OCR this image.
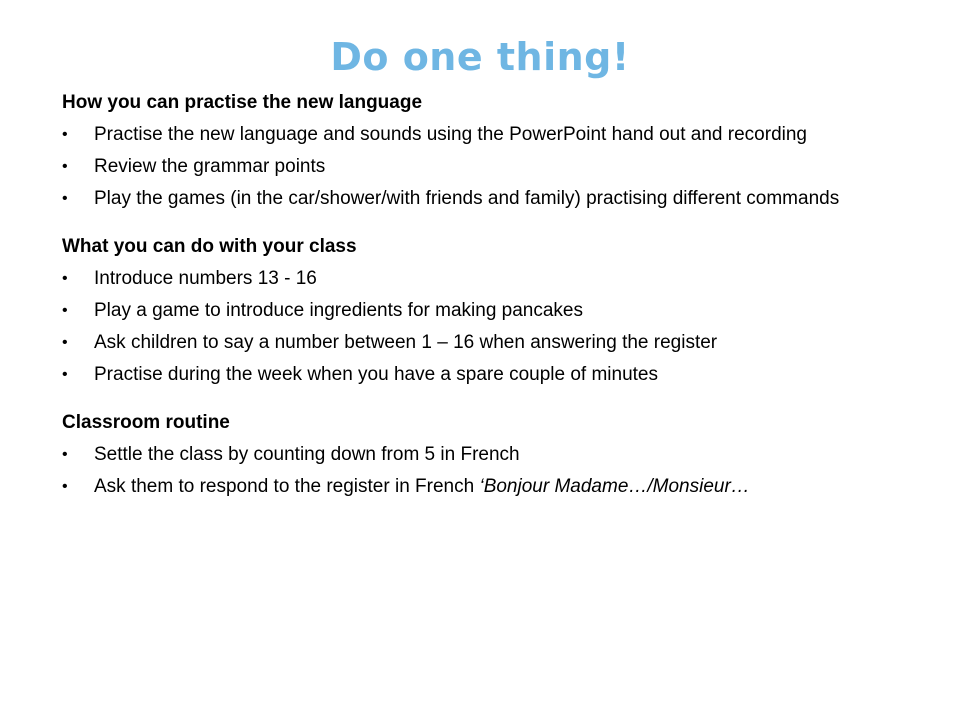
Do one thing!
How you can practise the new language
•	Practise the new language and sounds using the PowerPoint hand out and recording
•	Review the grammar points
•	Play the games (in the car/shower/with friends and family) practising different commands
What you can do with your class
•	Introduce numbers 13 - 16
•	Play a game to introduce ingredients for making pancakes
•	Ask children to say a number between 1 – 16 when answering the register
•	Practise during the week when you have a spare couple of minutes
Classroom routine
•	Settle the class by counting down from 5 in French
•	Ask them to respond to the register in French ‘Bonjour Madame…/Monsieur…
